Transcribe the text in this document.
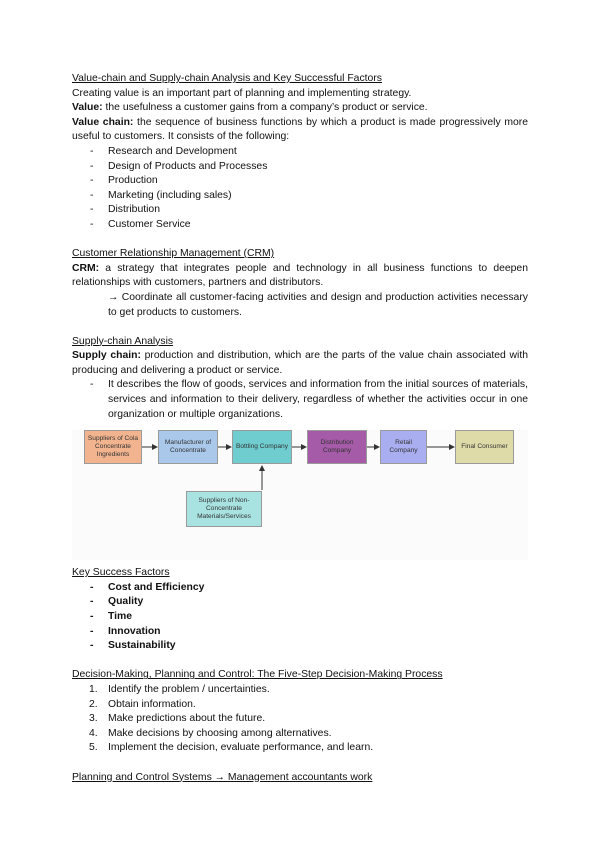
Value-chain and Supply-chain Analysis and Key Successful Factors

Creating value is an important part of planning and implementing strategy.

Value: the usefulness a customer gains from a company’s product or service.

Value chain: the sequence of business functions by which a product is made progressively more useful to customers. It consists of the following:

- Research and Development
- Design of Products and Processes
- Production
- Marketing (including sales)
- Distribution
- Customer Service

Customer Relationship Management (CRM)

CRM: a strategy that integrates people and technology in all business functions to deepen relationships with customers, partners and distributors.

→ Coordinate all customer-facing activities and design and production activities necessary to get products to customers.

Supply-chain Analysis

Supply chain: production and distribution, which are the parts of the value chain associated with producing and delivering a product or service.

- It describes the flow of goods, services and information from the initial sources of materials, services and information to their delivery, regardless of whether the activities occur in one organization or multiple organizations.

Suppliers of Cola Concentrate Ingredients
Manufacturer of Concentrate
Bottling Company
Distribution Company
Retail Company
Final Consumer
Suppliers of Non-Concentrate Materials/Services

Key Success Factors

- Cost and Efficiency
- Quality
- Time
- Innovation
- Sustainability

Decision-Making, Planning and Control: The Five-Step Decision-Making Process

1. Identify the problem / uncertainties.
2. Obtain information.
3. Make predictions about the future.
4. Make decisions by choosing among alternatives.
5. Implement the decision, evaluate performance, and learn.

Planning and Control Systems → Management accountants work
